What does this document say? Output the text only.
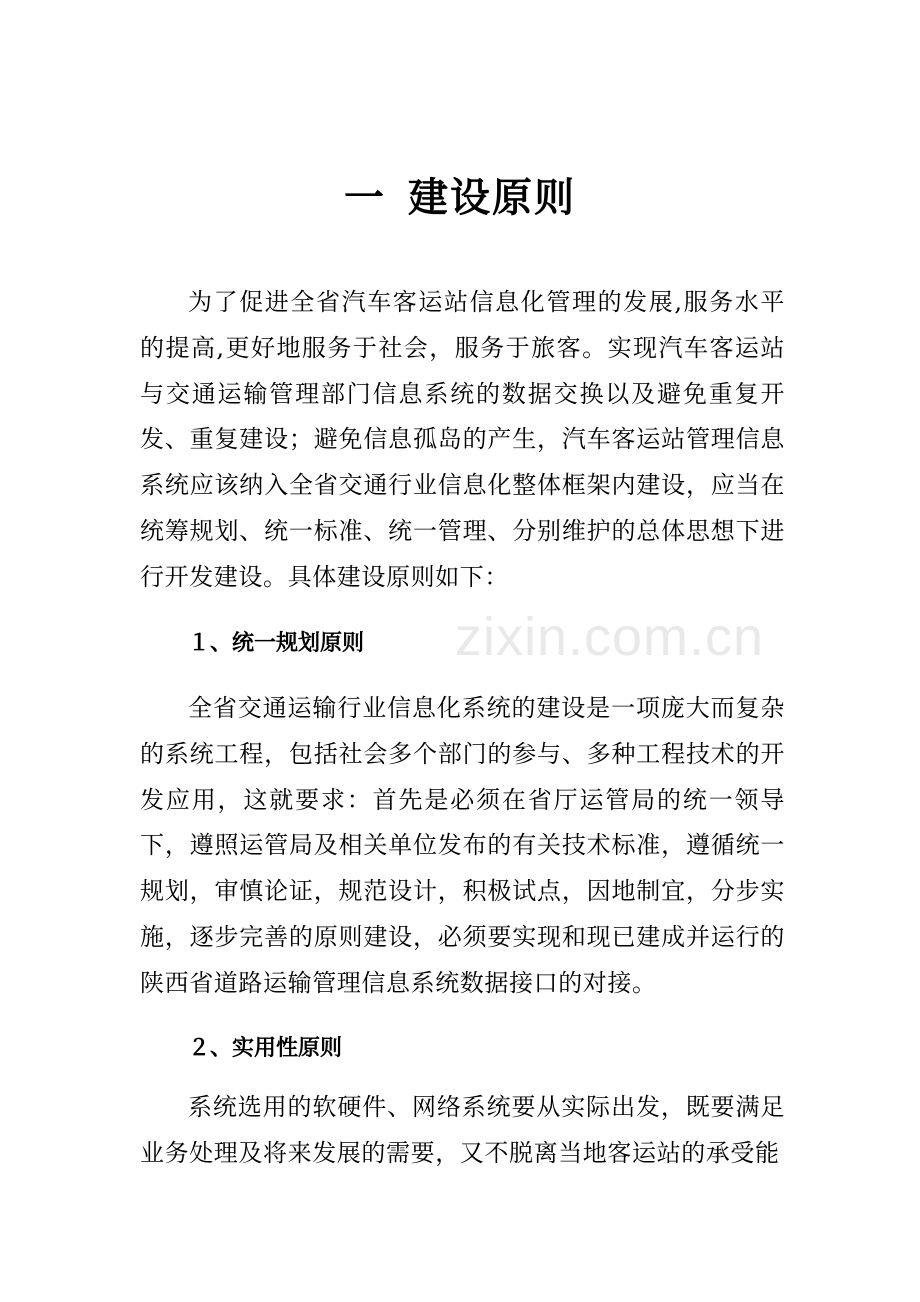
一 建设原则

为了促进全省汽车客运站信息化管理的发展,服务水平的提高,更好地服务于社会，服务于旅客。实现汽车客运站与交通运输管理部门信息系统的数据交换以及避免重复开发、重复建设；避免信息孤岛的产生，汽车客运站管理信息系统应该纳入全省交通行业信息化整体框架内建设，应当在统筹规划、统一标准、统一管理、分别维护的总体思想下进行开发建设。具体建设原则如下：

１、统一规划原则

全省交通运输行业信息化系统的建设是一项庞大而复杂的系统工程，包括社会多个部门的参与、多种工程技术的开发应用，这就要求：首先是必须在省厅运管局的统一领导下，遵照运管局及相关单位发布的有关技术标准，遵循统一规划，审慎论证，规范设计，积极试点，因地制宜，分步实施，逐步完善的原则建设，必须要实现和现已建成并运行的陕西省道路运输管理信息系统数据接口的对接。

２、实用性原则

系统选用的软硬件、网络系统要从实际出发，既要满足业务处理及将来发展的需要，又不脱离当地客运站的承受能

zixin.com.cn
